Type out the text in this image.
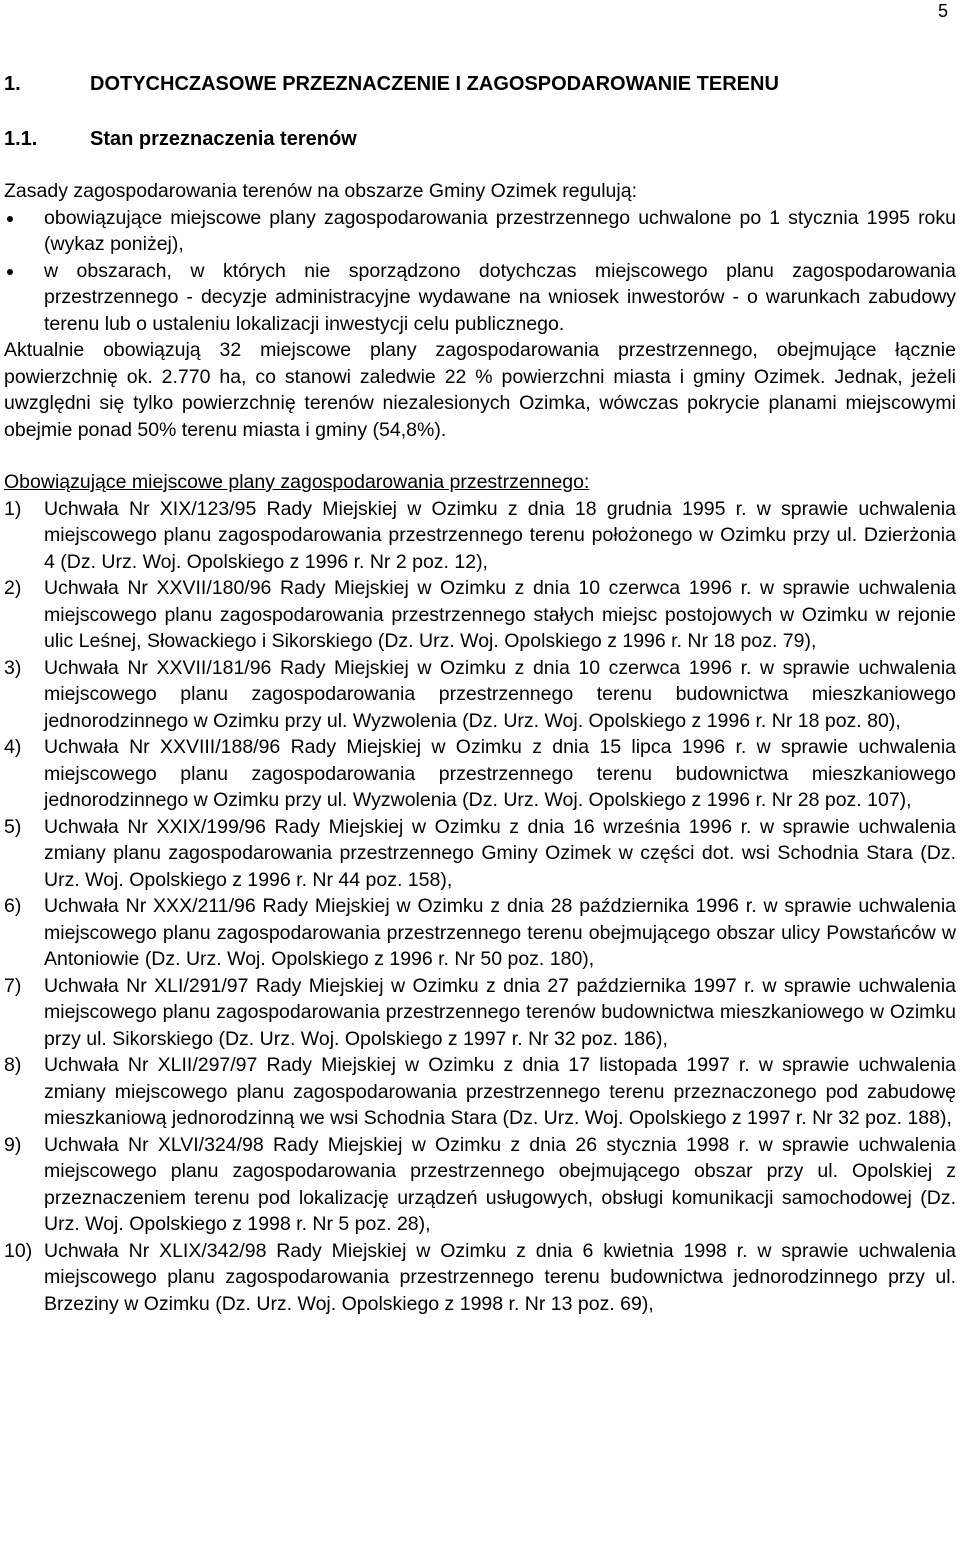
5
1.	DOTYCHCZASOWE PRZEZNACZENIE I ZAGOSPODAROWANIE TERENU
1.1.	Stan przeznaczenia terenów

Zasady zagospodarowania terenów na obszarze Gminy Ozimek regulują:

obowiązujące miejscowe plany zagospodarowania przestrzennego uchwalone po 1 stycznia 1995 roku (wykaz poniżej),
w obszarach, w których nie sporządzono dotychczas miejscowego planu zagospodarowania przestrzennego - decyzje administracyjne wydawane na wniosek inwestorów - o warunkach zabudowy terenu lub o ustaleniu lokalizacji inwestycji celu publicznego.

Aktualnie obowiązują 32 miejscowe plany zagospodarowania przestrzennego, obejmujące łącznie powierzchnię ok. 2.770 ha, co stanowi zaledwie 22 % powierzchni miasta i gminy Ozimek. Jednak, jeżeli uwzględni się tylko powierzchnię terenów niezalesionych Ozimka, wówczas pokrycie planami miejscowymi obejmie ponad 50% terenu miasta i gminy (54,8%).

Obowiązujące miejscowe plany zagospodarowania przestrzennego:

1) Uchwała Nr XIX/123/95 Rady Miejskiej w Ozimku z dnia 18 grudnia 1995 r. w sprawie uchwalenia miejscowego planu zagospodarowania przestrzennego terenu położonego w Ozimku przy ul. Dzierżonia 4 (Dz. Urz. Woj. Opolskiego z 1996 r. Nr 2 poz. 12),
2) Uchwała Nr XXVII/180/96 Rady Miejskiej w Ozimku z dnia 10 czerwca 1996 r. w sprawie uchwalenia miejscowego planu zagospodarowania przestrzennego stałych miejsc postojowych w Ozimku w rejonie ulic Leśnej, Słowackiego i Sikorskiego (Dz. Urz. Woj. Opolskiego z 1996 r. Nr 18 poz. 79),
3) Uchwała Nr XXVII/181/96 Rady Miejskiej w Ozimku z dnia 10 czerwca 1996 r. w sprawie uchwalenia miejscowego planu zagospodarowania przestrzennego terenu budownictwa mieszkaniowego jednorodzinnego w Ozimku przy ul. Wyzwolenia (Dz. Urz. Woj. Opolskiego z 1996 r. Nr 18 poz. 80),
4) Uchwała Nr XXVIII/188/96 Rady Miejskiej w Ozimku z dnia 15 lipca 1996 r. w sprawie uchwalenia miejscowego planu zagospodarowania przestrzennego terenu budownictwa mieszkaniowego jednorodzinnego w Ozimku przy ul. Wyzwolenia (Dz. Urz. Woj. Opolskiego z 1996 r. Nr 28 poz. 107),
5) Uchwała Nr XXIX/199/96 Rady Miejskiej w Ozimku z dnia 16 września 1996 r. w sprawie uchwalenia zmiany planu zagospodarowania przestrzennego Gminy Ozimek w części dot. wsi Schodnia Stara (Dz. Urz. Woj. Opolskiego z 1996 r. Nr 44 poz. 158),
6) Uchwała Nr XXX/211/96 Rady Miejskiej w Ozimku z dnia 28 października 1996 r. w sprawie uchwalenia miejscowego planu zagospodarowania przestrzennego terenu obejmującego obszar ulicy Powstańców w Antoniowie (Dz. Urz. Woj. Opolskiego z 1996 r. Nr 50 poz. 180),
7) Uchwała Nr XLI/291/97 Rady Miejskiej w Ozimku z dnia 27 października 1997 r. w sprawie uchwalenia miejscowego planu zagospodarowania przestrzennego terenów budownictwa mieszkaniowego w Ozimku przy ul. Sikorskiego (Dz. Urz. Woj. Opolskiego z 1997 r. Nr 32 poz. 186),
8) Uchwała Nr XLII/297/97 Rady Miejskiej w Ozimku z dnia 17 listopada 1997 r. w sprawie uchwalenia zmiany miejscowego planu zagospodarowania przestrzennego terenu przeznaczonego pod zabudowę mieszkaniową jednorodzinną we wsi Schodnia Stara (Dz. Urz. Woj. Opolskiego z 1997 r. Nr 32 poz. 188),
9) Uchwała Nr XLVI/324/98 Rady Miejskiej w Ozimku z dnia 26 stycznia 1998 r. w sprawie uchwalenia miejscowego planu zagospodarowania przestrzennego obejmującego obszar przy ul. Opolskiej z przeznaczeniem terenu pod lokalizację urządzeń usługowych, obsługi komunikacji samochodowej (Dz. Urz. Woj. Opolskiego z 1998 r. Nr 5 poz. 28),
10) Uchwała Nr XLIX/342/98 Rady Miejskiej w Ozimku z dnia 6 kwietnia 1998 r. w sprawie uchwalenia miejscowego planu zagospodarowania przestrzennego terenu budownictwa jednorodzinnego przy ul. Brzeziny w Ozimku (Dz. Urz. Woj. Opolskiego z 1998 r. Nr 13 poz. 69),
